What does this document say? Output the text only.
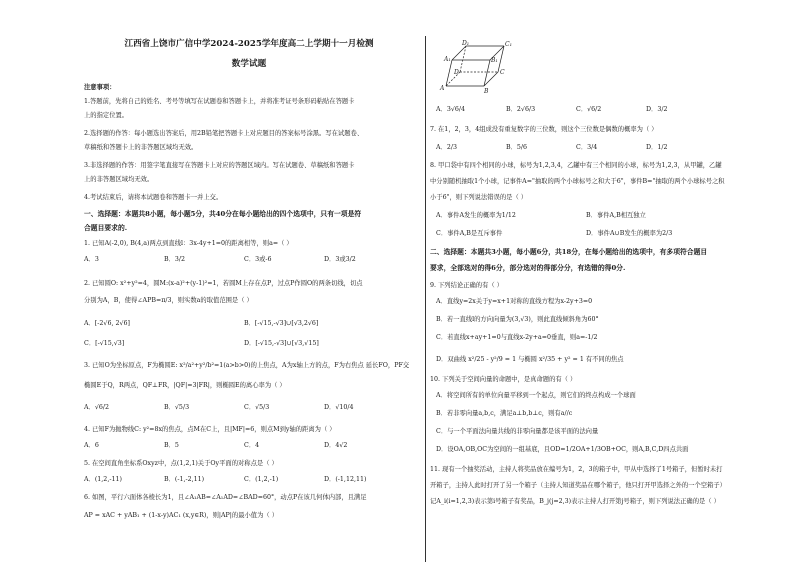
江西省上饶市广信中学2024-2025学年度高二上学期十一月检测
数学试题
注意事项：
1.答题前，先将自己的姓名、考号等填写在试题卷和答题卡上，并将准考证号条形码粘贴在答题卡
上的指定位置。
2.选择题的作答：每小题选出答案后，用2B铅笔把答题卡上对应题目的答案标号涂黑。写在试题卷、
草稿纸和答题卡上的非答题区域均无效。
3.非选择题的作答：用签字笔直接写在答题卡上对应的答题区域内。写在试题卷、草稿纸和答题卡
上的非答题区域均无效。
4.考试结束后，请将本试题卷和答题卡一并上交。
一、选择题：本题共8小题，每小题5分，共40分在每小题给出的四个选项中，只有一项是符
合题目要求的.
1. 已知A(-2,0), B(4,a)两点到直线l：3x-4y+1=0的距离相等，则a=（ ）
A．3	B．3/2	C．3或-6	D．3或3/2
2. 已知圆O: x²+y²=4，圆M:(x-a)²+(y-1)²=1，若圆M上存在点P，过点P作圆O的两条切线，切点
分别为A，B，使得∠APB=π/3，则实数a的取值范围是（ ）
A．[-2√6, 2√6]	B．[-√15,-√3]∪[√3,2√6]
C．[-√15,√3]	D．[-√15,-√3]∪[√3,√15]
3. 已知O为坐标原点，F为椭圆E: x²/a²+y²/b²=1(a>b>0)的上焦点，A为x轴上方的点，F为右焦点 延长FO，PF交
椭圆E于Q，R两点，QF⊥FR，|QF|=3|FR|，则椭圆E的离心率为（ ）
A．√6/2	B．√5/3	C．√5/3	D．√10/4
4. 已知F为抛物线C: y²=8x的焦点，点M在C上，且|MF|=6，则点M到y轴的距离为（ ）
A．6	B．5	C．4	D．4√2
5. 在空间直角坐标系Oxyz中，点(1,2,1)关于Oy平面的对称点是（ ）
A．(1,2,-11)	B．(-1,-2,11)	C．(1,2,-1)	D．(-1,12,11)
6. 如图，平行六面体各棱长为1，且∠A₁AB=∠A₁AD=∠BAD=60°，动点P在该几何体内部，且满足
AP = xAC + yAB₁ + (1-x-y)AC₁ (x,y∈R)，则|AP|的最小值为（ ）
D₁	C₁
A₁	B₁
D	C
A	B
A．3√6/4	B．2√6/3	C．√6/2	D．3/2
7. 在1，2，3，4组成没有重复数字的三位数，则这个三位数是偶数的概率为（ ）
A．2/3	B．5/6	C．3/4	D．1/2
8. 甲口袋中有四个相同的小球，标号为1,2,3,4，乙罐中有三个相同的小球，标号为1,2,3，从甲罐，乙罐
中分别随机抽取1个小球，记事件A="抽取的两个小球标号之和大于6"，事件B="抽取的两个小球标号之积
小于6"，则下列说法错误的是（ ）
A．事件A发生的概率为1/12	B．事件A,B相互独立
C．事件A,B是互斥事件	D．事件A∪B发生的概率为2/3
二、选择题：本题共3小题，每小题6分，共18分，在每小题给出的选项中，有多项符合题目
要求，全部选对的得6分，部分选对的得部分分，有选错的得0分.
9. 下列结论正确的有（ ）
A．直线y=2x关于y=x+1对称的直线方程为x-2y+3=0
B．若一直线l的方向向量为(3,√3)，则此直线倾斜角为60°
C．若直线x+ay+1=0与直线x-2y+a=0垂直，则a=-1/2
D．双曲线 x²/25 - y²/9 = 1 与椭圆 x²/35 + y² = 1 有不同的焦点
10. 下列关于空间向量的命题中，是真命题的有（ ）
A．将空间所有的单位向量平移到一个起点，则它们的终点构成一个球面
B．若非零向量a,b,c，满足a⊥b,b⊥c，则有a//c
C．与一个平面法向量共线的非零向量都是该平面的法向量
D．设OA,OB,OC为空间的一组基底，且OD=1/2OA+1/3OB+OC，则A,B,C,D四点共面
11. 现有一个抽奖活动，主持人将奖品放在编号为1，2，3的箱子中，甲从中选择了1号箱子，但暂时未打
开箱子，主持人此时打开了另一个箱子（主持人知道奖品在哪个箱子，他只打开甲选择之外的一个空箱子）
记A_i(i=1,2,3)表示第i号箱子有奖品，B_j(j=2,3)表示主持人打开第j号箱子，则下列说法正确的是（ ）
